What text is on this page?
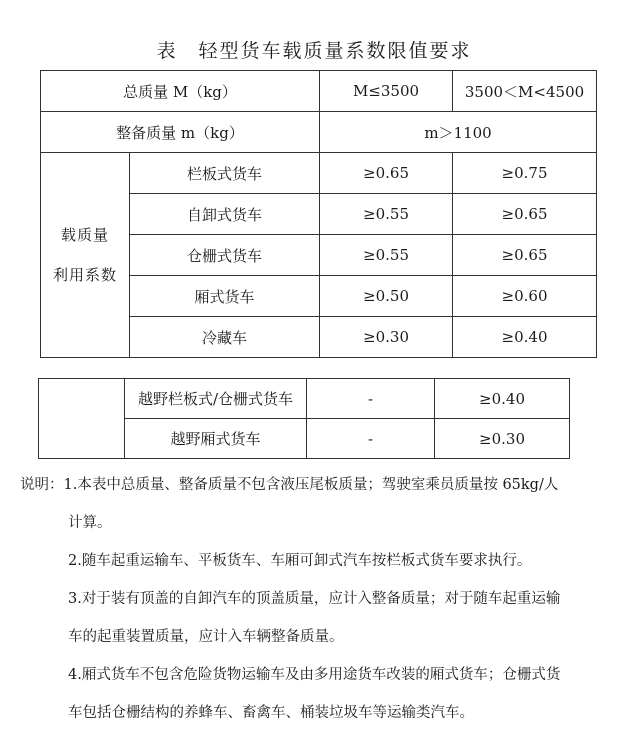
表　轻型货车载质量系数限值要求
总质量 M（kg）		M≤3500	3500＜M<4500
整备质量 m（kg）		m＞1100	

载质量
利用系数	栏板式货车	≥0.65	≥0.75
	自卸式货车	≥0.55	≥0.65
	仓栅式货车	≥0.55	≥0.65
	厢式货车	≥0.50	≥0.60
	冷藏车	≥0.30	≥0.40
	越野栏板式/仓栅式货车	-	≥0.40
	越野厢式货车	-	≥0.30

说明：1.本表中总质量、整备质量不包含液压尾板质量；驾驶室乘员质量按 65kg/人

计算。

2.随车起重运输车、平板货车、车厢可卸式汽车按栏板式货车要求执行。

3.对于装有顶盖的自卸汽车的顶盖质量，应计入整备质量；对于随车起重运输

车的起重装置质量，应计入车辆整备质量。

4.厢式货车不包含危险货物运输车及由多用途货车改装的厢式货车；仓栅式货

车包括仓栅结构的养蜂车、畜禽车、桶装垃圾车等运输类汽车。
